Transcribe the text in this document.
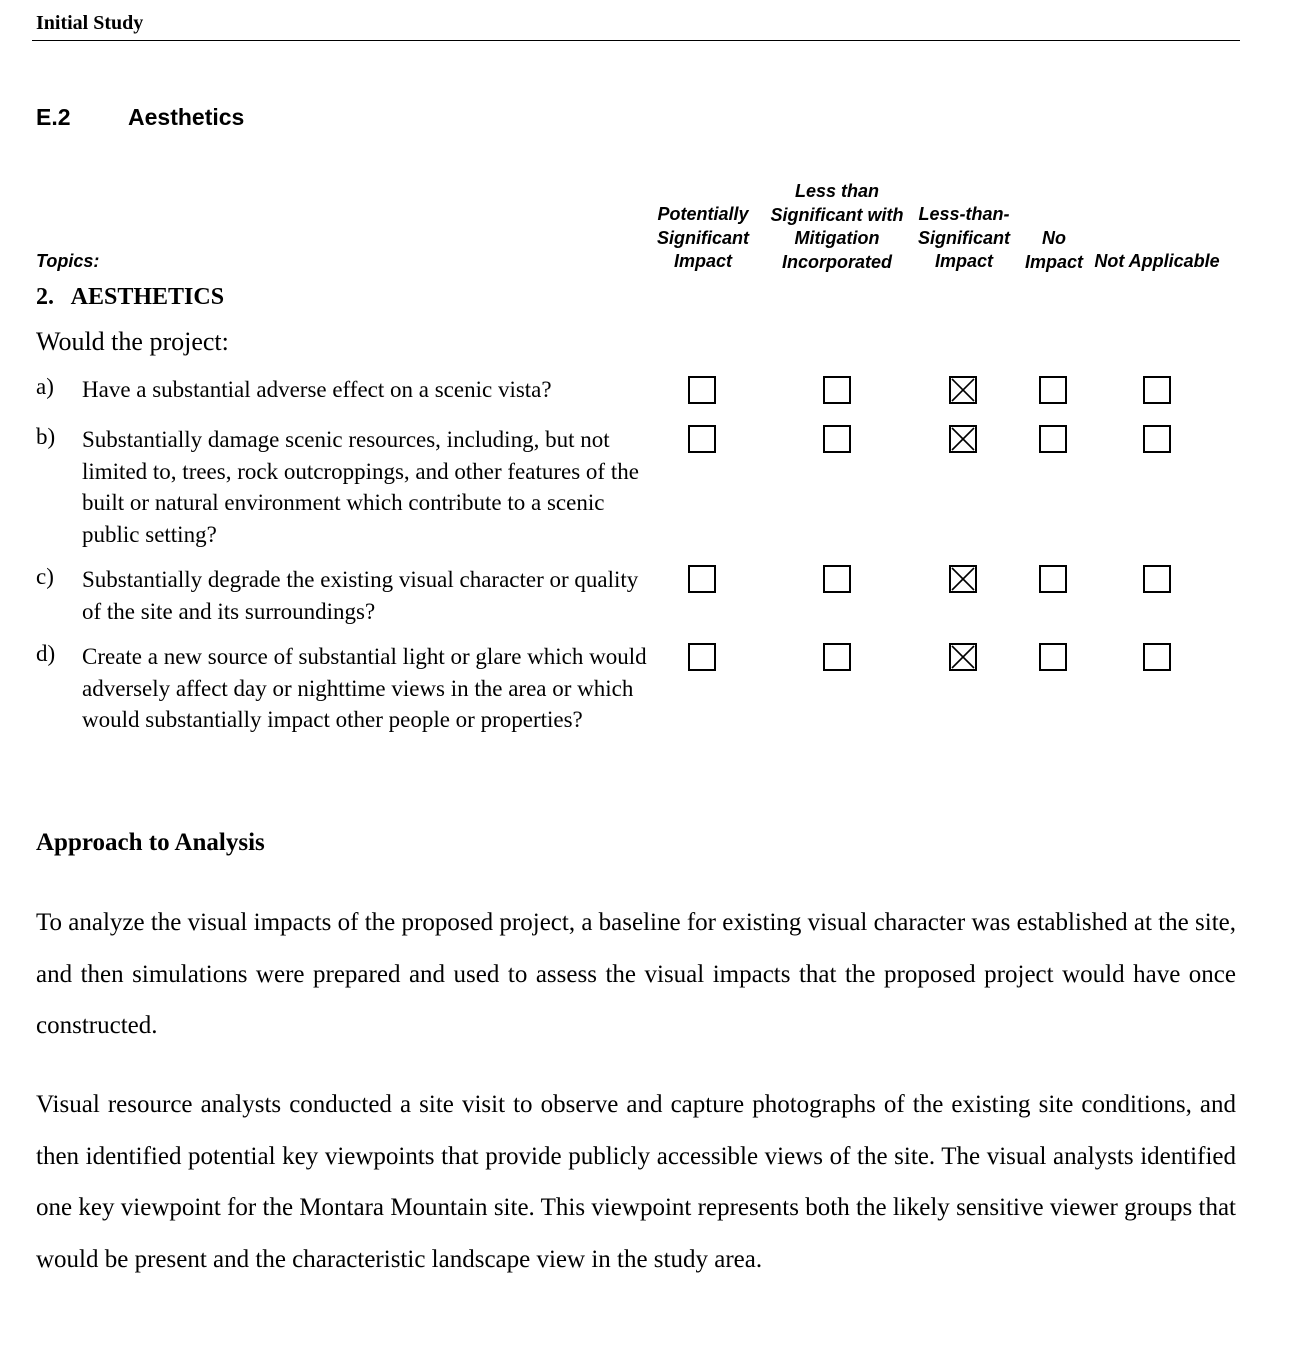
Initial Study
E.2 Aesthetics
Potentially
Significant
Impact
Less than
Significant with
Mitigation
Incorporated
Less-than-
Significant
Impact
No
Impact Not Applicable
Topics:
2.   AESTHETICS
Would the project:
a) Have a substantial adverse effect on a scenic vista?
b) Substantially damage scenic resources, including, but not limited to, trees, rock outcroppings, and other features of the built or natural environment which contribute to a scenic public setting?
c) Substantially degrade the existing visual character or quality of the site and its surroundings?
d) Create a new source of substantial light or glare which would adversely affect day or nighttime views in the area or which would substantially impact other people or properties?
Approach to Analysis
To analyze the visual impacts of the proposed project, a baseline for existing visual character was established at the site, and then simulations were prepared and used to assess the visual impacts that the proposed project would have once constructed.
Visual resource analysts conducted a site visit to observe and capture photographs of the existing site conditions, and then identified potential key viewpoints that provide publicly accessible views of the site. The visual analysts identified one key viewpoint for the Montara Mountain site. This viewpoint represents both the likely sensitive viewer groups that would be present and the characteristic landscape view in the study area.
